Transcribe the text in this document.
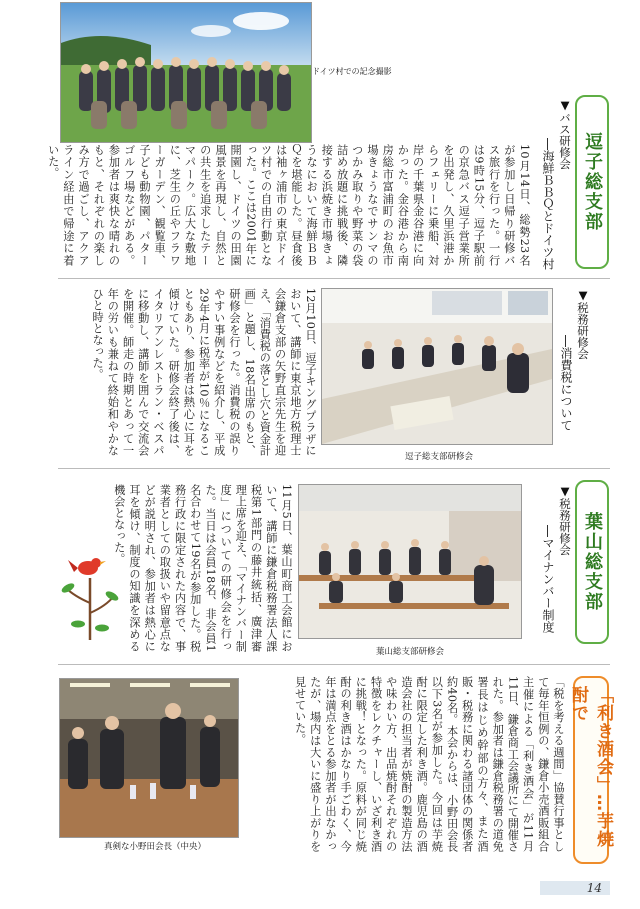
ドイツ村での記念撮影
逗子総支部
▼バス研修会
―海鮮ＢＢＱとドイツ村
10月14日、総勢23名が参加し日帰り研修バス旅行を行った。一行は9時15分、逗子駅前の京急バス逗子営業所を出発し、久里浜港からフェリーに乗船、対岸の千葉県金谷港に向かった。金谷港から南房総市富浦町のお魚市場きょうなでサンマのつかみ取りや野菜の袋詰め放題に挑戦後、隣接する浜焼き市場きょうなにおいて海鮮ＢＢＱを堪能した。昼食後は袖ヶ浦市の東京ドイツ村での自由行動となった。ここは2001年に開園し、ドイツの田園風景を再現し、自然との共生を追求したテーマパーク。広大な敷地に、芝生の丘やフラワーガーデン、観覧車、子ども動物園、パターゴルフ場などがある。参加者は爽快な晴れのもと、それぞれの楽しみ方で過ごし、アクアライン経由で帰途に着いた。
▼税務研修会
―消費税について
逗子総支部研修会
12月10日、逗子キングプラザにおいて、講師に東京地方税理士会鎌倉支部の矢野直宗先生を迎え、「消費税の落とし穴と資金計画」と題し、18名出席のもと、研修会を行った。消費税の誤りやすい事例などを紹介し、平成29年4月に税率が10％になることもあり、参加者は熱心に耳を傾けていた。研修会終了後は、イタリアンレストラン・ベスパに移動し、講師を囲んで交流会を開催。師走の時期とあって一年の労いも兼ねて終始和やかなひと時となった。
葉山総支部
▼税務研修会
―マイナンバー制度
葉山総支部研修会
11月5日、葉山町商工会館において、講師に鎌倉税務署法人課税第1部門の藤井統括、廣津審理上席を迎え、「マイナンバー制度」についての研修会を行った。当日は会員18名、非会員1名合わせて19名が参加した。税務行政に限定された内容で、事業者としての取扱いや留意点などが説明され、参加者は熱心に耳を傾け、制度の知識を深める機会となった。
「利き酒会」…芋焼酎で
「税を考える週間」協賛行事として毎年恒例の、鎌倉小売酒販組合主催による「利き酒会」が11月11日、鎌倉商工会議所にて開催された。参加者は鎌倉税務署の道免署長はじめ幹部の方々、また酒販・税務に関わる諸団体の関係者約40名。本会からは、小野田会長以下3名が参加した。今回は芋焼酎に限定した利き酒。鹿児島の酒造会社の担当者が焼酎の製造方法や味わい方、出品焼酎それぞれの特徴をレクチャーし、いざ利き酒に挑戦！となった。原料が同じ焼酎の利き酒はかなり手ごわく、今年は満点をとる参加者が出なかったが、場内は大いに盛り上がりを見せていた。
真剣な小野田会長（中央）
14
